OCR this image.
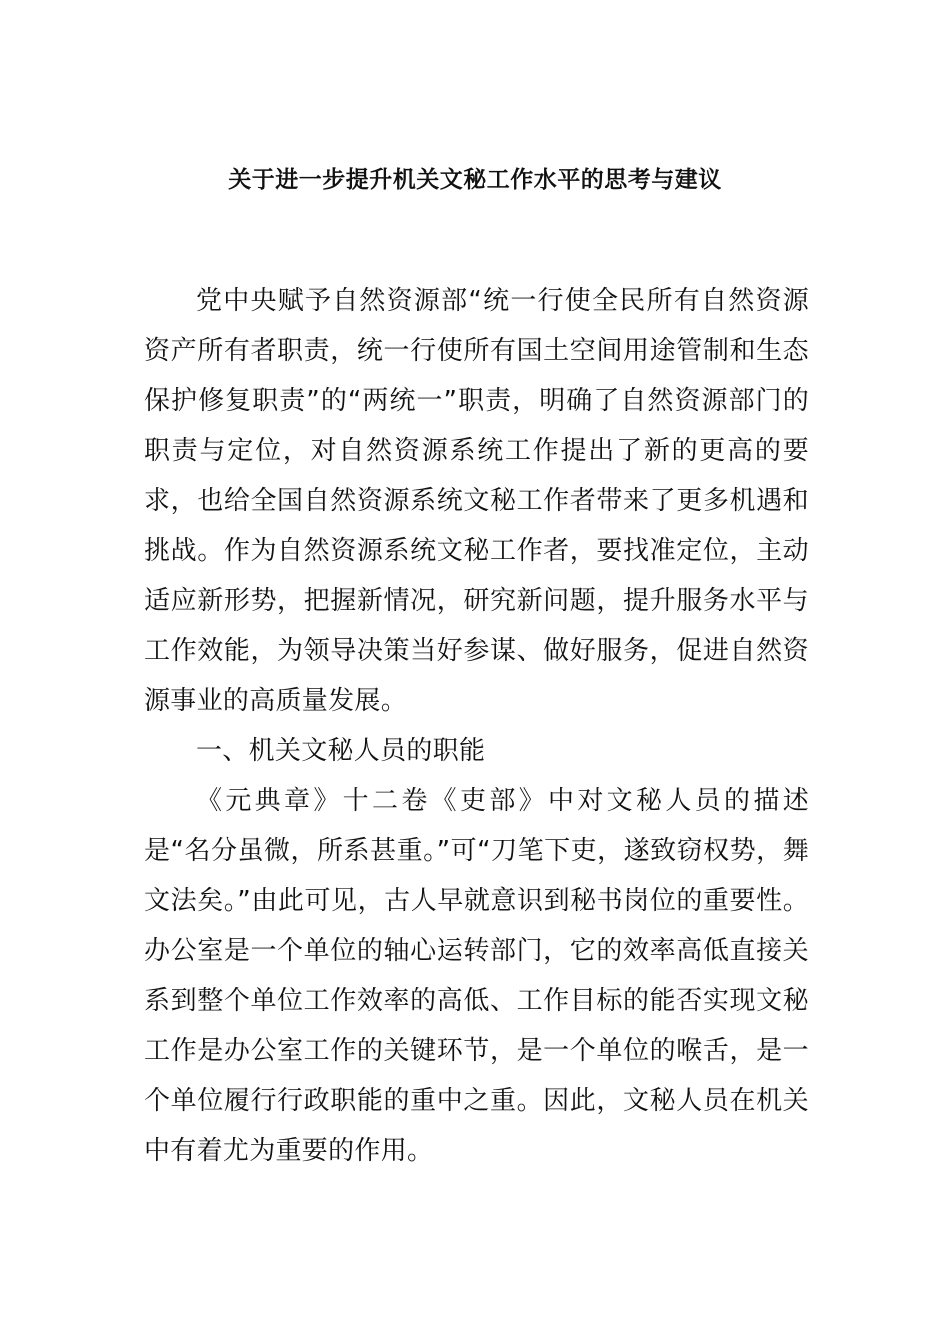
关于进一步提升机关文秘工作水平的思考与建议

党中央赋予自然资源部“统一行使全民所有自然资源资产所有者职责，统一行使所有国土空间用途管制和生态保护修复职责”的“两统一”职责，明确了自然资源部门的职责与定位，对自然资源系统工作提出了新的更高的要求，也给全国自然资源系统文秘工作者带来了更多机遇和挑战。作为自然资源系统文秘工作者，要找准定位，主动适应新形势，把握新情况，研究新问题，提升服务水平与工作效能，为领导决策当好参谋、做好服务，促进自然资源事业的高质量发展。

一、机关文秘人员的职能

《元典章》十二卷《吏部》中对文秘人员的描述是“名分虽微，所系甚重。”可“刀笔下吏，遂致窃权势，舞文法矣。”由此可见，古人早就意识到秘书岗位的重要性。办公室是一个单位的轴心运转部门，它的效率高低直接关系到整个单位工作效率的高低、工作目标的能否实现文秘工作是办公室工作的关键环节，是一个单位的喉舌，是一个单位履行行政职能的重中之重。因此，文秘人员在机关中有着尤为重要的作用。
